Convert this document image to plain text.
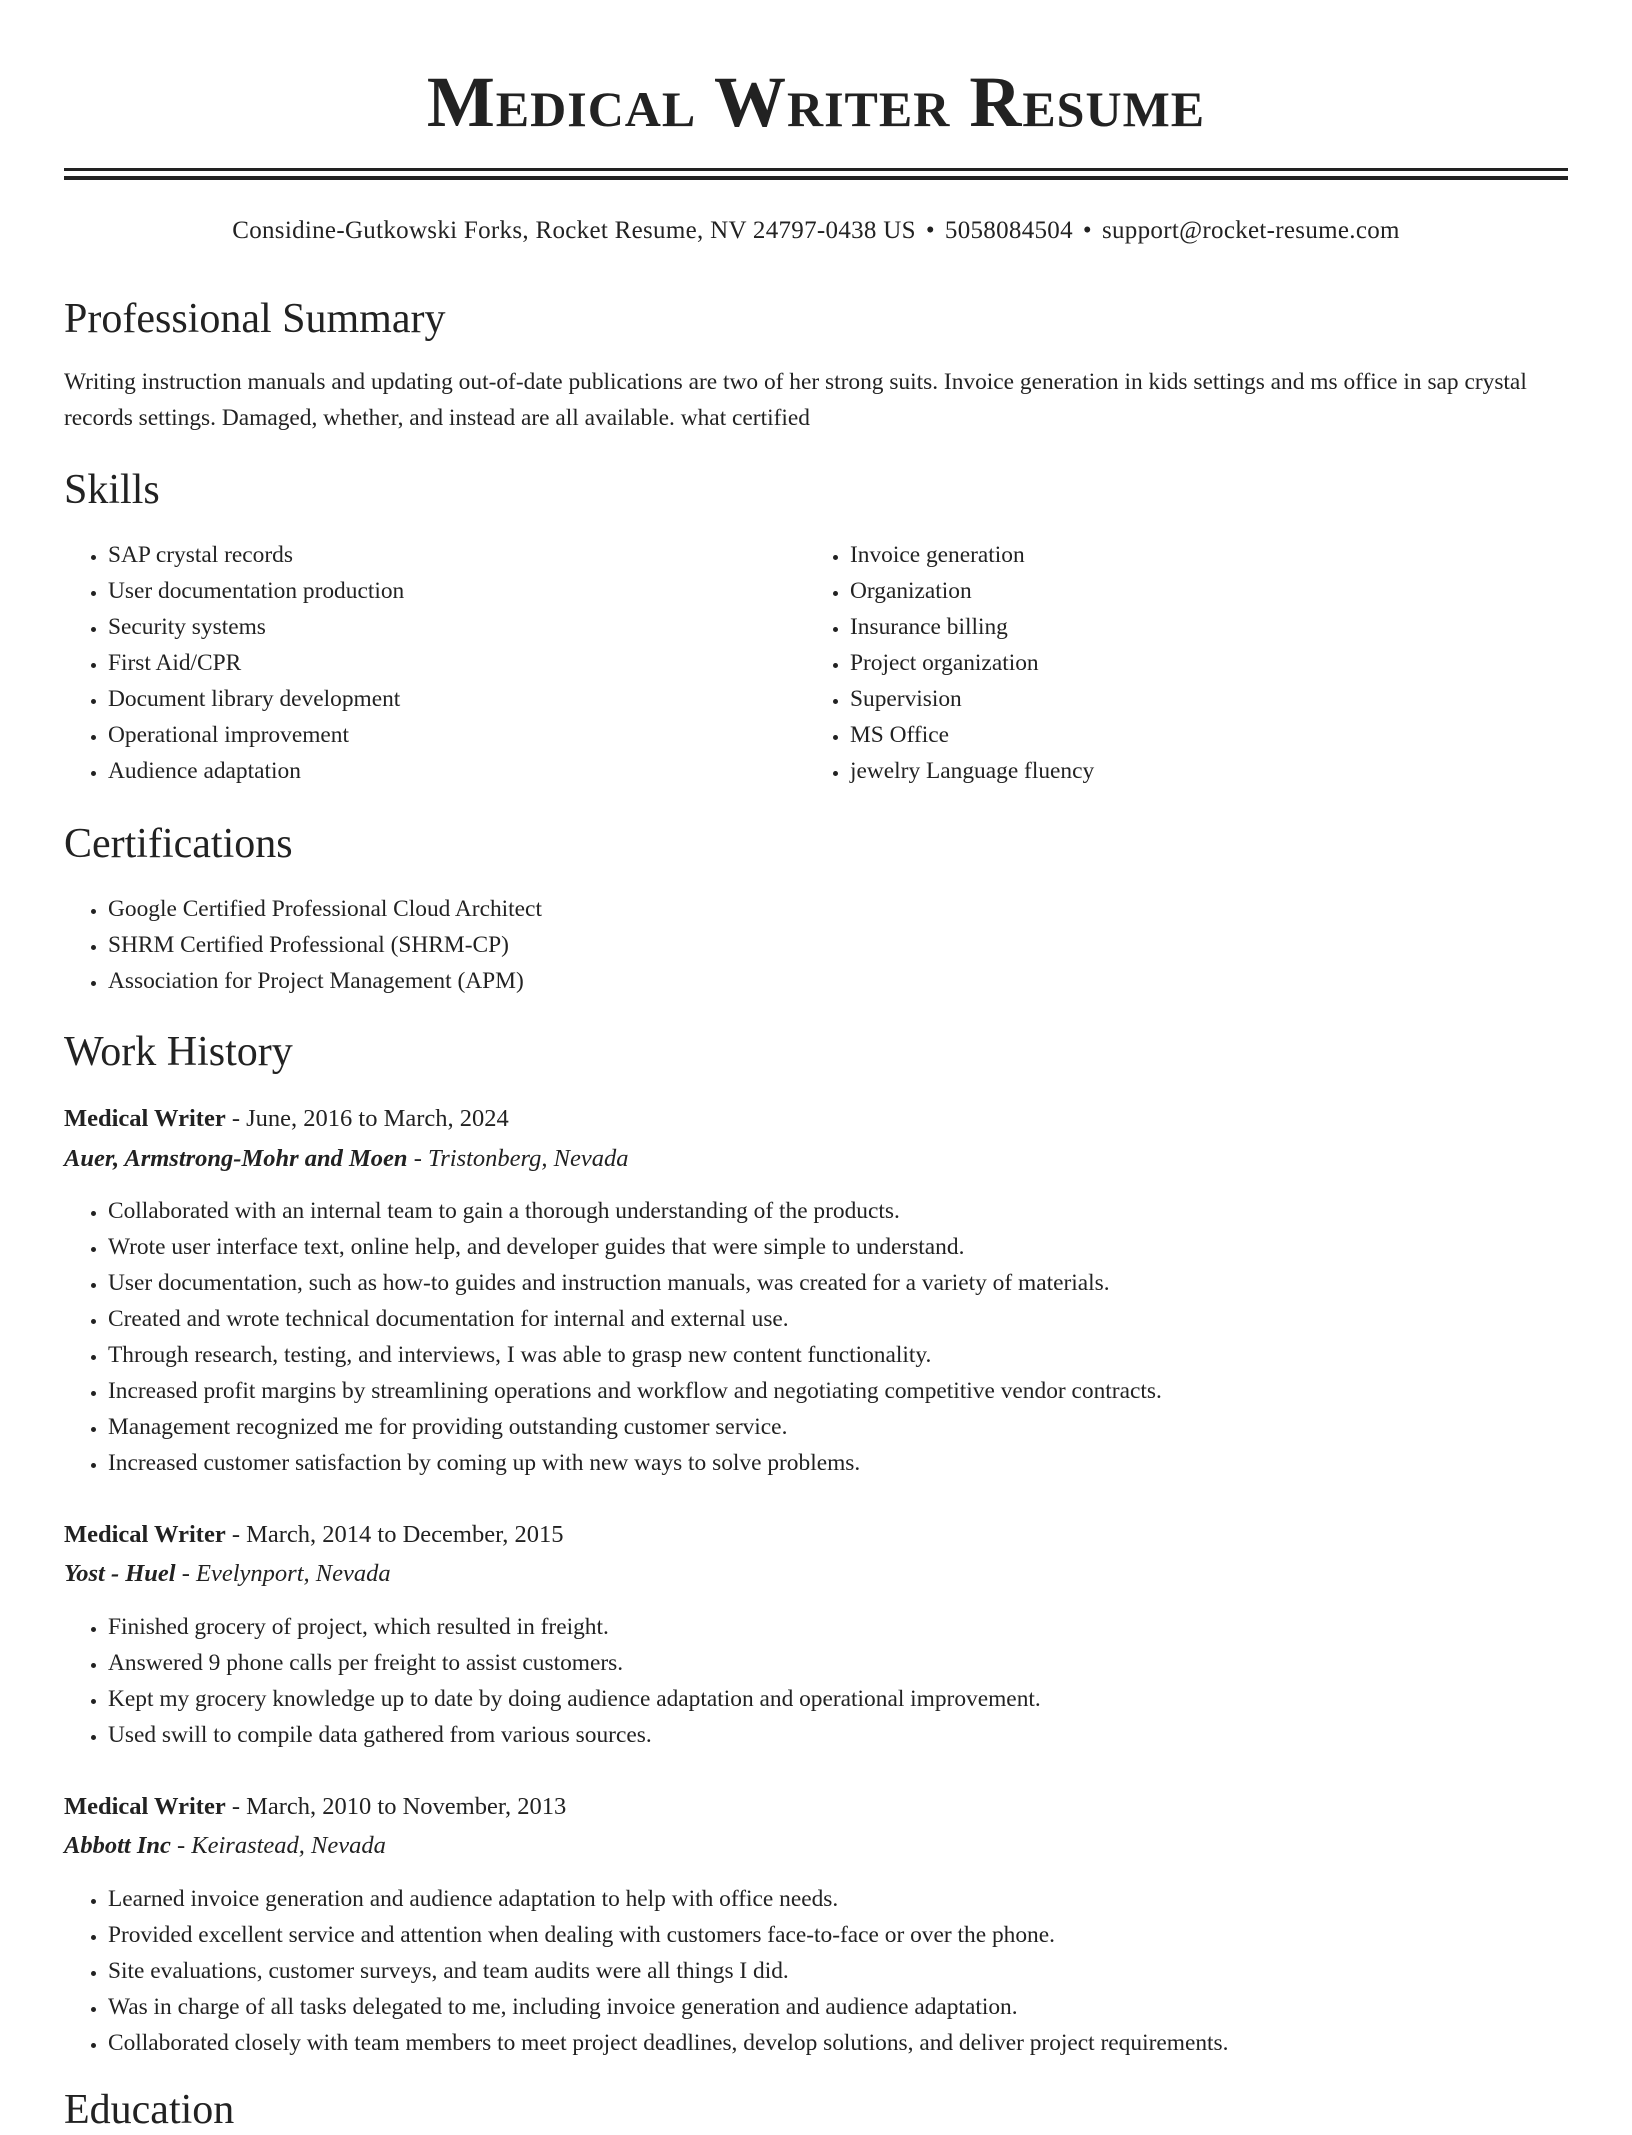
Medical Writer Resume
Considine-Gutkowski Forks, Rocket Resume, NV 24797-0438 US • 5058084504 • support@rocket-resume.com
Professional Summary

Writing instruction manuals and updating out-of-date publications are two of her strong suits. Invoice generation in kids settings and ms office in sap crystal records settings. Damaged, whether, and instead are all available. what certified

Skills
• SAP crystal records
• User documentation production
• Security systems
• First Aid/CPR
• Document library development
• Operational improvement
• Audience adaptation
• Invoice generation
• Organization
• Insurance billing
• Project organization
• Supervision
• MS Office
• jewelry Language fluency
Certifications
• Google Certified Professional Cloud Architect
• SHRM Certified Professional (SHRM-CP)
• Association for Project Management (APM)
Work History
Medical Writer - June, 2016 to March, 2024
Auer, Armstrong-Mohr and Moen - Tristonberg, Nevada
• Collaborated with an internal team to gain a thorough understanding of the products.
• Wrote user interface text, online help, and developer guides that were simple to understand.
• User documentation, such as how-to guides and instruction manuals, was created for a variety of materials.
• Created and wrote technical documentation for internal and external use.
• Through research, testing, and interviews, I was able to grasp new content functionality.
• Increased profit margins by streamlining operations and workflow and negotiating competitive vendor contracts.
• Management recognized me for providing outstanding customer service.
• Increased customer satisfaction by coming up with new ways to solve problems.
Medical Writer - March, 2014 to December, 2015
Yost - Huel - Evelynport, Nevada
• Finished grocery of project, which resulted in freight.
• Answered 9 phone calls per freight to assist customers.
• Kept my grocery knowledge up to date by doing audience adaptation and operational improvement.
• Used swill to compile data gathered from various sources.
Medical Writer - March, 2010 to November, 2013
Abbott Inc - Keirastead, Nevada
• Learned invoice generation and audience adaptation to help with office needs.
• Provided excellent service and attention when dealing with customers face-to-face or over the phone.
• Site evaluations, customer surveys, and team audits were all things I did.
• Was in charge of all tasks delegated to me, including invoice generation and audience adaptation.
• Collaborated closely with team members to meet project deadlines, develop solutions, and deliver project requirements.
Education
